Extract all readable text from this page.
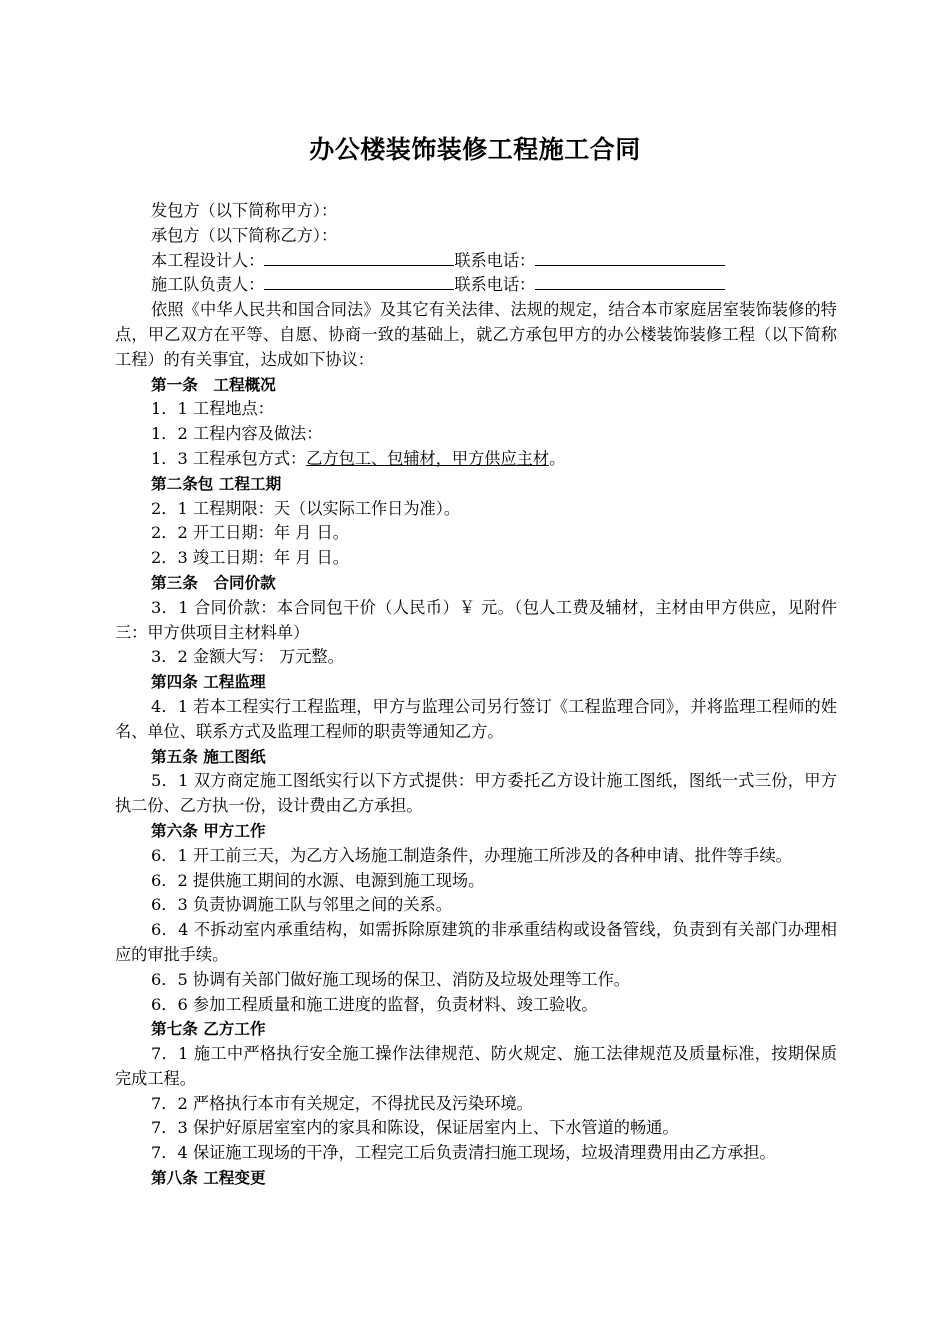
办公楼装饰装修工程施工合同

发包方（以下简称甲方）：

承包方（以下简称乙方）：

本工程设计人：	联系电话：

施工队负责人：	联系电话：

依照《中华人民共和国合同法》及其它有关法律、法规的规定，结合本市家庭居室装饰装修的特点，甲乙双方在平等、自愿、协商一致的基础上，就乙方承包甲方的办公楼装饰装修工程（以下简称工程）的有关事宜，达成如下协议：

第一条　工程概况

1．1 工程地点：

1．2 工程内容及做法：

1．3 工程承包方式：乙方包工、包辅材，甲方供应主材。

第二条包 工程工期

2．1 工程期限：天（以实际工作日为准）。

2．2 开工日期：年 月 日。

2．3 竣工日期：年 月 日。

第三条　合同价款

3．1 合同价款：本合同包干价（人民币）￥ 元。（包人工费及辅材，主材由甲方供应，见附件三：甲方供项目主材料单）

3．2 金额大写： 万元整。

第四条 工程监理

4．1 若本工程实行工程监理，甲方与监理公司另行签订《工程监理合同》，并将监理工程师的姓名、单位、联系方式及监理工程师的职责等通知乙方。

第五条 施工图纸

5．1 双方商定施工图纸实行以下方式提供：甲方委托乙方设计施工图纸，图纸一式三份，甲方执二份、乙方执一份，设计费由乙方承担。

第六条 甲方工作

6．1 开工前三天，为乙方入场施工制造条件，办理施工所涉及的各种申请、批件等手续。

6．2 提供施工期间的水源、电源到施工现场。

6．3 负责协调施工队与邻里之间的关系。

6．4 不拆动室内承重结构，如需拆除原建筑的非承重结构或设备管线，负责到有关部门办理相应的审批手续。

6．5 协调有关部门做好施工现场的保卫、消防及垃圾处理等工作。

6．6 参加工程质量和施工进度的监督，负责材料、竣工验收。

第七条 乙方工作

7．1 施工中严格执行安全施工操作法律规范、防火规定、施工法律规范及质量标准，按期保质完成工程。

7．2 严格执行本市有关规定，不得扰民及污染环境。

7．3 保护好原居室室内的家具和陈设，保证居室内上、下水管道的畅通。

7．4 保证施工现场的干净，工程完工后负责清扫施工现场，垃圾清理费用由乙方承担。

第八条 工程变更
